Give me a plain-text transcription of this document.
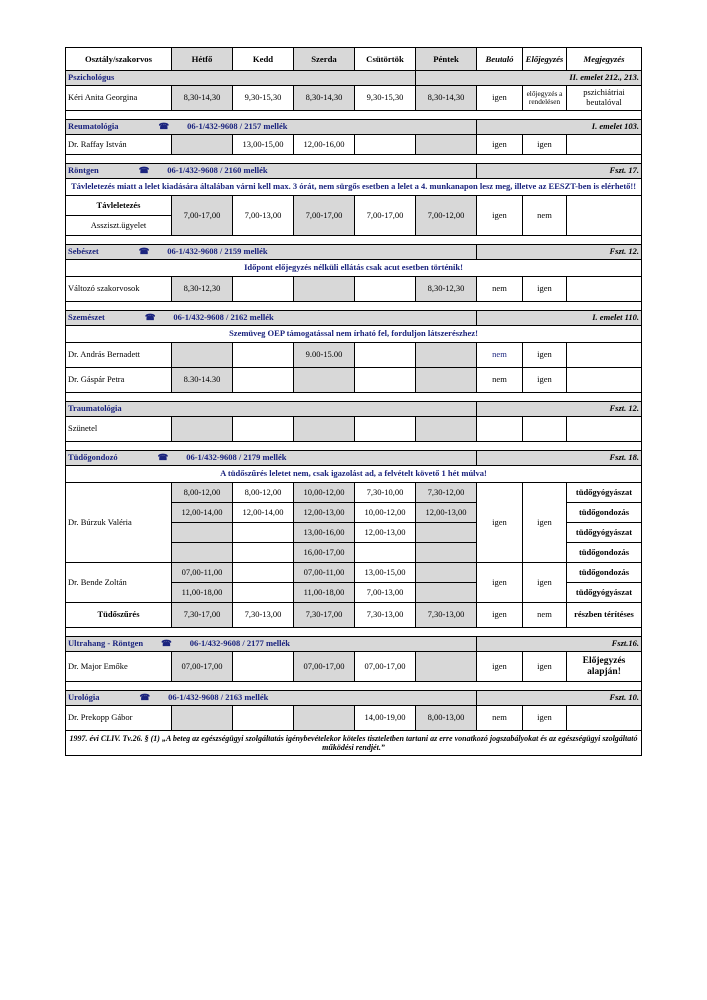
Osztály/szakorvos	Hétfő	Kedd	Szerda	Csütörtök	Péntek	Beutaló	Előjegyzés	Megjegyzés
Pszichológus					II. emelet 212., 213.			
Kéri Anita Georgina	8,30-14,30	9,30-15,30	8,30-14,30	9,30-15,30	8,30-14,30	igen	előjegyzés a rendelésen	pszichiátriai beutalóval

Reumatológia ☎ 06-1/432-9608 / 2157 mellék						I. emelet 103.		
Dr. Raffay István		13,00-15,00	12,00-16,00			igen	igen	

Röntgen ☎ 06-1/432-9608 / 2160 mellék						Fszt. 17.		
Távleletezés miatt a lelet kiadására általában várni kell max. 3 órát, nem sürgős esetben a lelet a 4. munkanapon lesz meg, illetve az EESZT-ben is elérhető!!								
Távleletezés	7,00-17,00	7,00-13,00	7,00-17,00	7,00-17,00	7,00-12,00	igen	nem	
Assziszt.ügyelet								

Sebészet ☎ 06-1/432-9608 / 2159 mellék						Fszt. 12.		
Időpont előjegyzés nélküli ellátás csak acut esetben történik!								
Változó szakorvosok	8,30-12,30				8,30-12,30	nem	igen	

Szemészet ☎ 06-1/432-9608 / 2162 mellék						I. emelet 110.		
Szemüveg OEP támogatással nem írható fel, forduljon látszerészhez!								
Dr. András Bernadett			9.00-15.00			nem	igen	
Dr. Gáspár Petra	8.30-14.30					nem	igen	

Traumatológia						Fszt. 12.		
Szünetel								

Tüdőgondozó ☎ 06-1/432-9608 / 2179 mellék						Fszt. 18.		
A tüdőszűrés leletet nem, csak igazolást ad, a felvételt követő 1 hét múlva!								
Dr. Búrzuk Valéria	8,00-12,00	8,00-12,00	10,00-12,00	7,30-10,00	7,30-12,00	igen	igen	tüdőgyógyászat
	12,00-14,00	12,00-14,00	12,00-13,00	10,00-12,00	12,00-13,00			tüdőgondozás
			13,00-16,00	12,00-13,00				tüdőgyógyászat
			16,00-17,00					tüdőgondozás
Dr. Bende Zoltán	07,00-11,00		07,00-11,00	13,00-15,00		igen	igen	tüdőgondozás
	11,00-18,00		11,00-18,00	7,00-13,00				tüdőgyógyászat
Tüdőszűrés	7,30-17,00	7,30-13,00	7,30-17,00	7,30-13,00	7,30-13,00	igen	nem	részben térítéses

Ultrahang - Röntgen ☎ 06-1/432-9608 / 2177 mellék						Fszt.16.		
Dr. Major Emőke	07,00-17,00		07,00-17,00	07,00-17,00		igen	igen	Előjegyzés alapján!

Urológia ☎ 06-1/432-9608 / 2163 mellék						Fszt. 10.		
Dr. Prekopp Gábor				14,00-19,00	8,00-13,00	nem	igen	
1997. évi CLIV. Tv.26. § (1) „A beteg az egészségügyi szolgáltatás igénybevételekor köteles tiszteletben tartani az erre vonatkozó jogszabályokat és az egészségügyi szolgáltató működési rendjét.”								
